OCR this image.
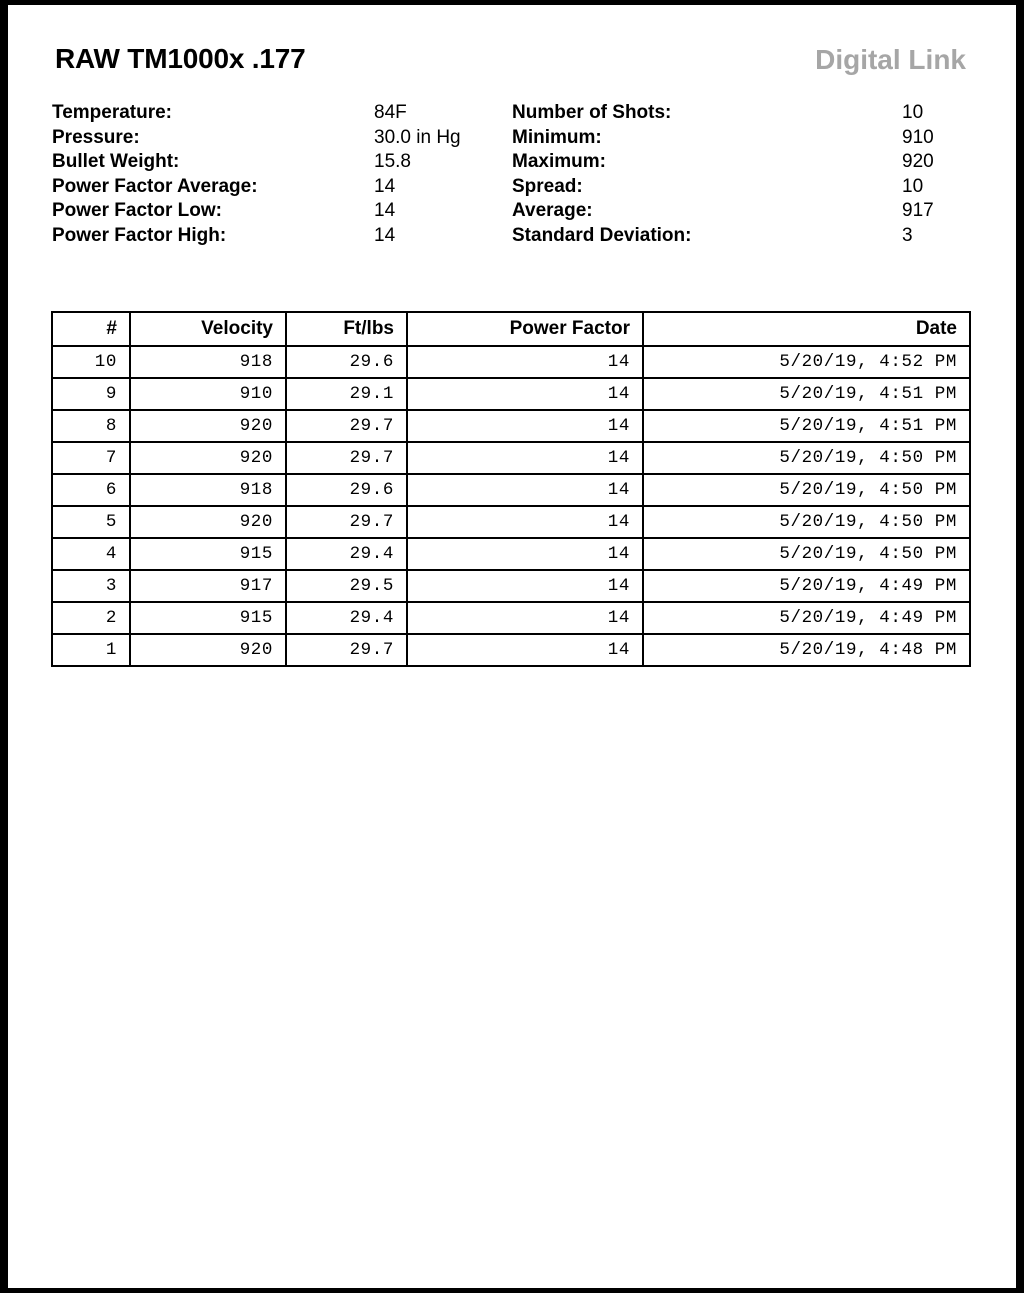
RAW TM1000x .177	Digital Link
Temperature:	84F
Pressure:	30.0 in Hg
Bullet Weight:	15.8
Power Factor Average:	14
Power Factor Low:	14
Power Factor High:	14
Number of Shots:	10
Minimum:	910
Maximum:	920
Spread:	10
Average:	917
Standard Deviation:	3
#	Velocity	Ft/lbs	Power Factor	Date
10	918	29.6	14	5/20/19, 4:52 PM
9	910	29.1	14	5/20/19, 4:51 PM
8	920	29.7	14	5/20/19, 4:51 PM
7	920	29.7	14	5/20/19, 4:50 PM
6	918	29.6	14	5/20/19, 4:50 PM
5	920	29.7	14	5/20/19, 4:50 PM
4	915	29.4	14	5/20/19, 4:50 PM
3	917	29.5	14	5/20/19, 4:49 PM
2	915	29.4	14	5/20/19, 4:49 PM
1	920	29.7	14	5/20/19, 4:48 PM
